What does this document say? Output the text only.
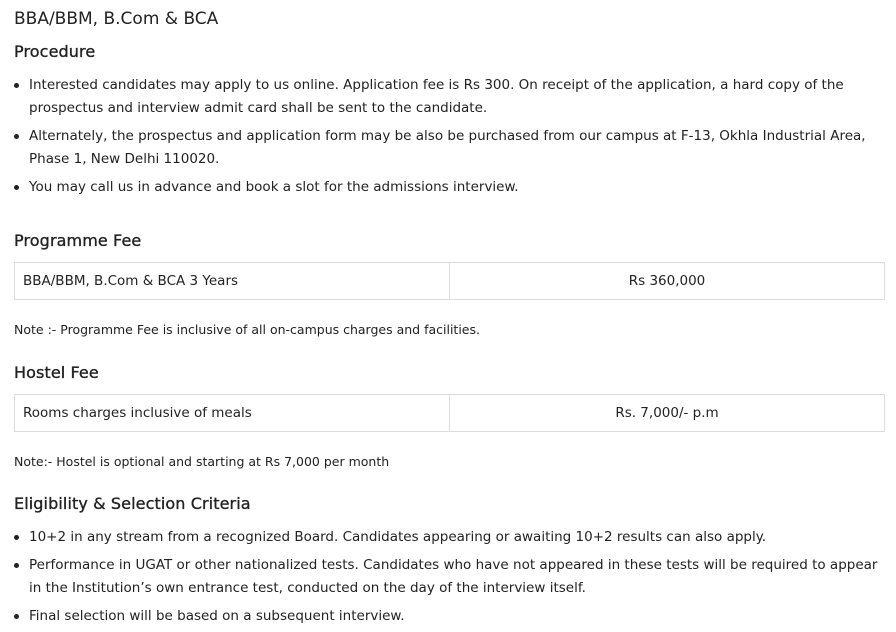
BBA/BBM, B.Com & BCA
Procedure
Interested candidates may apply to us online. Application fee is Rs 300. On receipt of the application, a hard copy of the prospectus and interview admit card shall be sent to the candidate.
Alternately, the prospectus and application form may be also be purchased from our campus at F-13, Okhla Industrial Area, Phase 1, New Delhi 110020.
You may call us in advance and book a slot for the admissions interview.
Programme Fee
BBA/BBM, B.Com & BCA 3 Years	Rs 360,000
Note :- Programme Fee is inclusive of all on-campus charges and facilities.
Hostel Fee
Rooms charges inclusive of meals	Rs. 7,000/- p.m
Note:- Hostel is optional and starting at Rs 7,000 per month
Eligibility & Selection Criteria
10+2 in any stream from a recognized Board. Candidates appearing or awaiting 10+2 results can also apply.
Performance in UGAT or other nationalized tests. Candidates who have not appeared in these tests will be required to appear in the Institution’s own entrance test, conducted on the day of the interview itself.
Final selection will be based on a subsequent interview.
